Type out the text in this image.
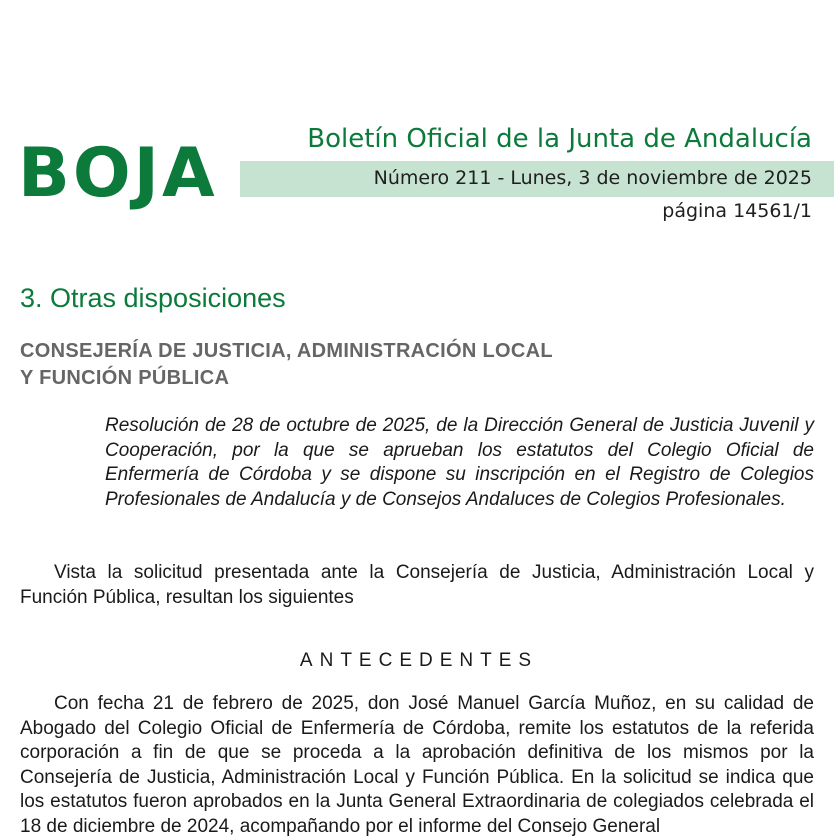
BOJA	Boletín Oficial de la Junta de Andalucía
Número 211 - Lunes, 3 de noviembre de 2025
página 14561/1
3. Otras disposiciones
CONSEJERÍA DE JUSTICIA, ADMINISTRACIÓN LOCAL
Y FUNCIÓN PÚBLICA
Resolución de 28 de octubre de 2025, de la Dirección General de Justicia Juvenil y Cooperación, por la que se aprueban los estatutos del Colegio Oficial de Enfermería de Córdoba y se dispone su inscripción en el Registro de Colegios Profesionales de Andalucía y de Consejos Andaluces de Colegios Profesionales.
Vista la solicitud presentada ante la Consejería de Justicia, Administración Local y Función Pública, resultan los siguientes
ANTECEDENTES
Con fecha 21 de febrero de 2025, don José Manuel García Muñoz, en su calidad de Abogado del Colegio Oficial de Enfermería de Córdoba, remite los estatutos de la referida corporación a fin de que se proceda a la aprobación definitiva de los mismos por la Consejería de Justicia, Administración Local y Función Pública. En la solicitud se indica que los estatutos fueron aprobados en la Junta General Extraordinaria de colegiados celebrada el 18 de diciembre de 2024, acompañando por el informe del Consejo General
